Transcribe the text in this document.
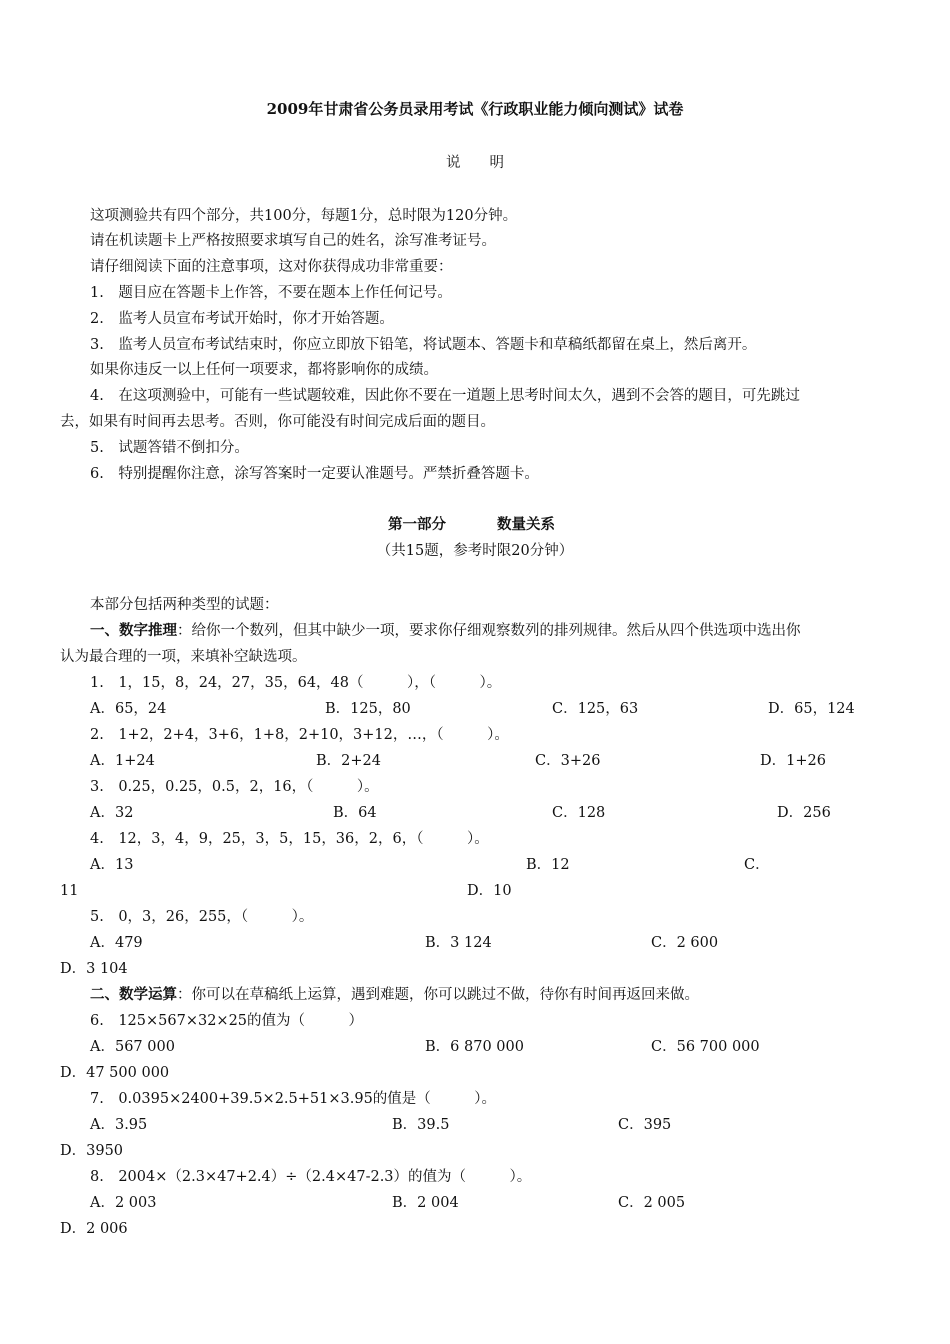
2009年甘肃省公务员录用考试《行政职业能力倾向测试》试卷
说　　明
这项测验共有四个部分，共100分，每题1分，总时限为120分钟。
请在机读题卡上严格按照要求填写自己的姓名，涂写准考证号。
请仔细阅读下面的注意事项，这对你获得成功非常重要：
1.　题目应在答题卡上作答，不要在题本上作任何记号。
2.　监考人员宣布考试开始时，你才开始答题。
3.　监考人员宣布考试结束时，你应立即放下铅笔，将试题本、答题卡和草稿纸都留在桌上，然后离开。
如果你违反一以上任何一项要求，都将影响你的成绩。
4.　在这项测验中，可能有一些试题较难，因此你不要在一道题上思考时间太久，遇到不会答的题目，可先跳过
去，如果有时间再去思考。否则，你可能没有时间完成后面的题目。
5.　试题答错不倒扣分。
6.　特别提醒你注意，涂写答案时一定要认准题号。严禁折叠答题卡。
第一部分	数量关系
（共15题，参考时限20分钟）
本部分包括两种类型的试题：
一、数字推理：给你一个数列，但其中缺少一项，要求你仔细观察数列的排列规律。然后从四个供选项中选出你
认为最合理的一项，来填补空缺选项。
1.　1，15，8，24，27，35，64，48（　　　），（　　　）。
A．65，24	B．125，80	C．125，63	D．65，124
2.　1+2，2+4，3+6，1+8，2+10，3+12，…，（　　　）。
A．1+24	B．2+24	C．3+26	D．1+26
3.　0.25，0.25，0.5，2，16，（　　　）。
A．32	B．64	C．128	D．256
4.　12，3，4，9，25，3，5，15，36，2，6，（　　　）。
A．13	B．12	C．
11	D．10
5.　0，3，26，255，（　　　）。
A．479	B．3 124	C．2 600
D．3 104
二、数学运算：你可以在草稿纸上运算，遇到难题，你可以跳过不做，待你有时间再返回来做。
6.　125×567×32×25的值为（　　　）
A．567 000	B．6 870 000	C．56 700 000
D．47 500 000
7.　0.0395×2400+39.5×2.5+51×3.95的值是（　　　）。
A．3.95	B．39.5	C．395
D．3950
8.　2004×（2.3×47+2.4）÷（2.4×47-2.3）的值为（　　　）。
A．2 003	B．2 004	C．2 005
D．2 006
